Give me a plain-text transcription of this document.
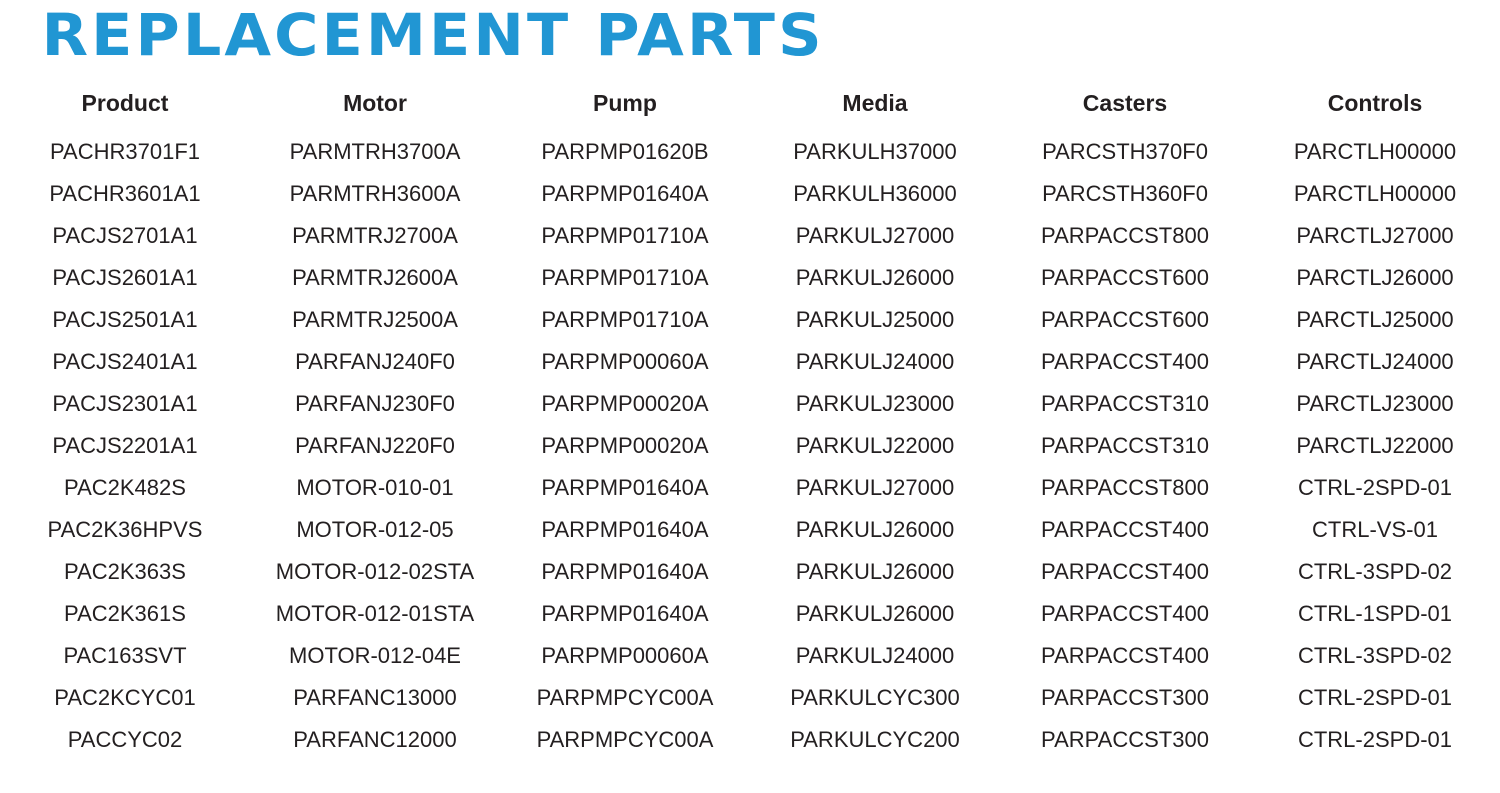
REPLACEMENT PARTS
Product	Motor	Pump	Media	Casters	Controls
PACHR3701F1	PARMTRH3700A	PARPMP01620B	PARKULH37000	PARCSTH370F0	PARCTLH00000
PACHR3601A1	PARMTRH3600A	PARPMP01640A	PARKULH36000	PARCSTH360F0	PARCTLH00000
PACJS2701A1	PARMTRJ2700A	PARPMP01710A	PARKULJ27000	PARPACCST800	PARCTLJ27000
PACJS2601A1	PARMTRJ2600A	PARPMP01710A	PARKULJ26000	PARPACCST600	PARCTLJ26000
PACJS2501A1	PARMTRJ2500A	PARPMP01710A	PARKULJ25000	PARPACCST600	PARCTLJ25000
PACJS2401A1	PARFANJ240F0	PARPMP00060A	PARKULJ24000	PARPACCST400	PARCTLJ24000
PACJS2301A1	PARFANJ230F0	PARPMP00020A	PARKULJ23000	PARPACCST310	PARCTLJ23000
PACJS2201A1	PARFANJ220F0	PARPMP00020A	PARKULJ22000	PARPACCST310	PARCTLJ22000
PAC2K482S	MOTOR-010-01	PARPMP01640A	PARKULJ27000	PARPACCST800	CTRL-2SPD-01
PAC2K36HPVS	MOTOR-012-05	PARPMP01640A	PARKULJ26000	PARPACCST400	CTRL-VS-01
PAC2K363S	MOTOR-012-02STA	PARPMP01640A	PARKULJ26000	PARPACCST400	CTRL-3SPD-02
PAC2K361S	MOTOR-012-01STA	PARPMP01640A	PARKULJ26000	PARPACCST400	CTRL-1SPD-01
PAC163SVT	MOTOR-012-04E	PARPMP00060A	PARKULJ24000	PARPACCST400	CTRL-3SPD-02
PAC2KCYC01	PARFANC13000	PARPMPCYC00A	PARKULCYC300	PARPACCST300	CTRL-2SPD-01
PACCYC02	PARFANC12000	PARPMPCYC00A	PARKULCYC200	PARPACCST300	CTRL-2SPD-01
